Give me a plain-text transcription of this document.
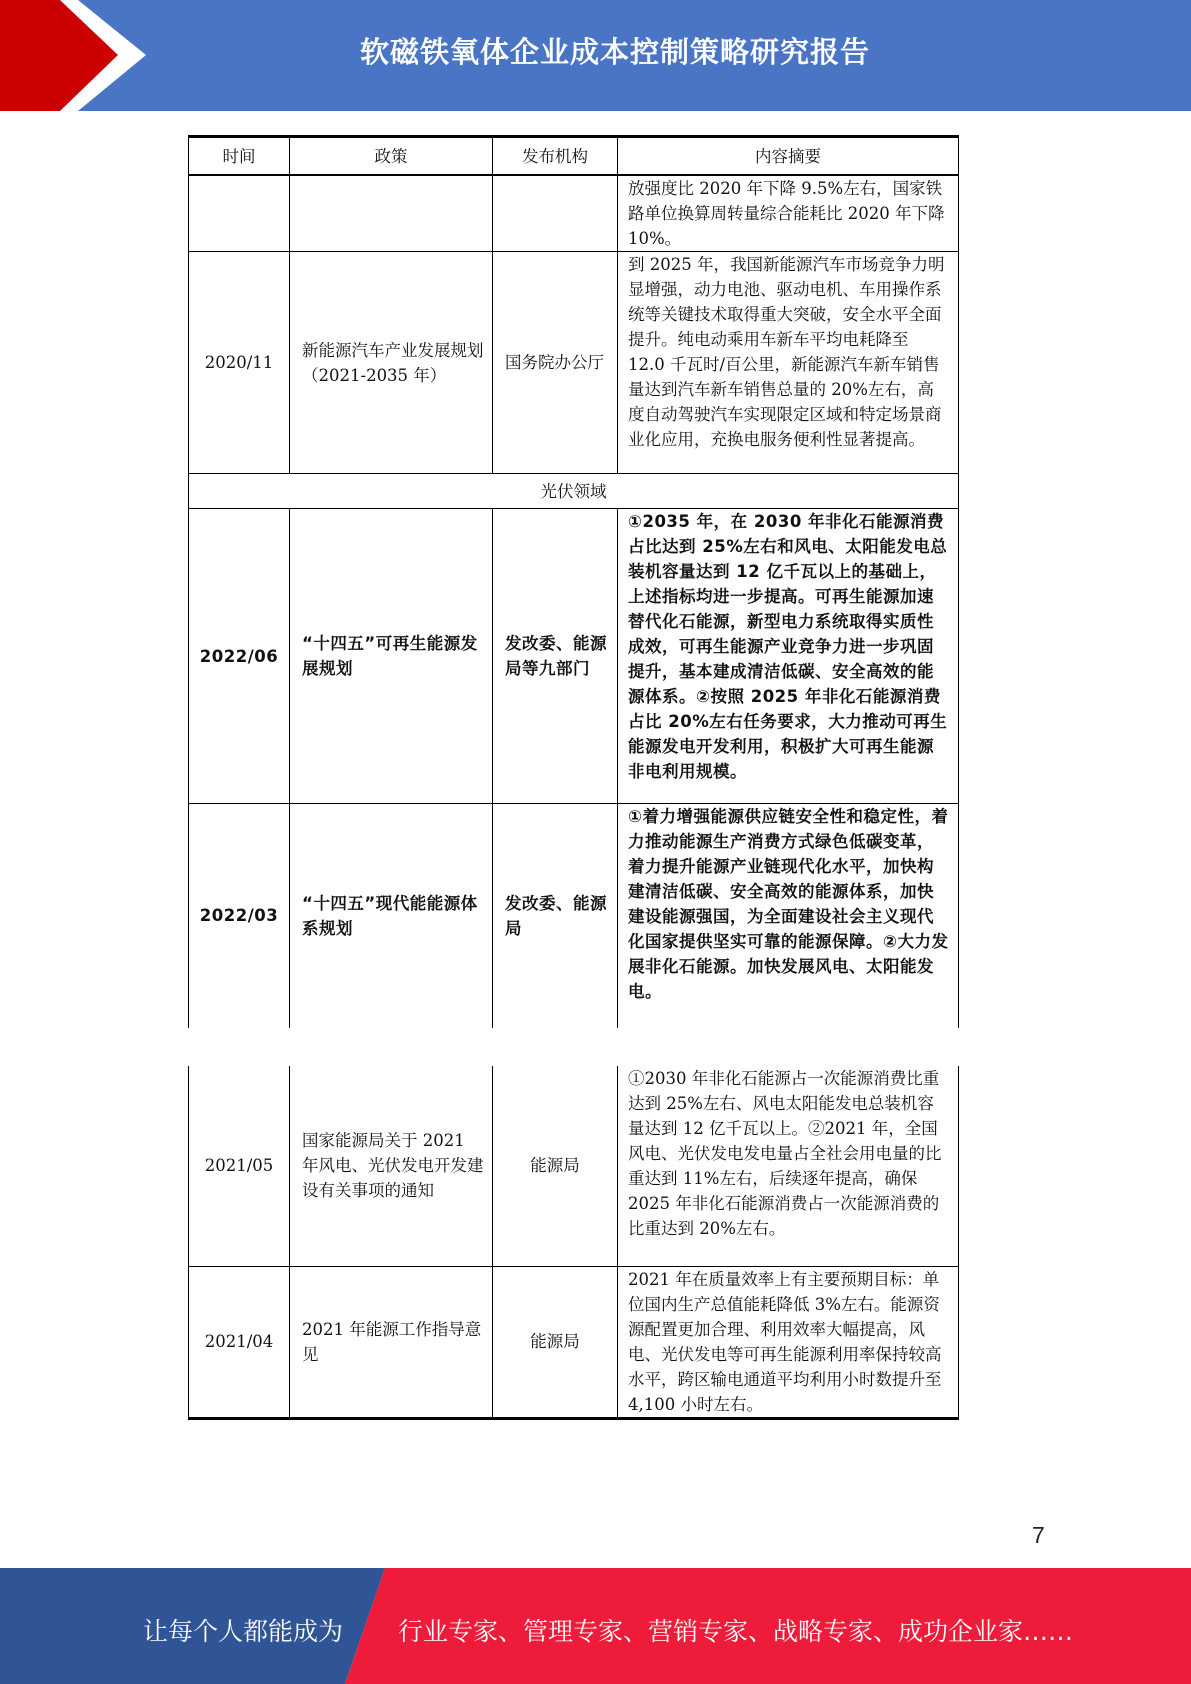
软磁铁氧体企业成本控制策略研究报告
时间	政策	发布机构	内容摘要
			放强度比 2020 年下降 9.5%左右，国家铁路单位换算周转量综合能耗比 2020 年下降 10%。
2020/11	新能源汽车产业发展规划（2021-2035 年）	国务院办公厅	到 2025 年，我国新能源汽车市场竞争力明显增强，动力电池、驱动电机、车用操作系统等关键技术取得重大突破，安全水平全面提升。纯电动乘用车新车平均电耗降至 12.0 千瓦时/百公里，新能源汽车新车销售量达到汽车新车销售总量的 20%左右，高度自动驾驶汽车实现限定区域和特定场景商业化应用，充换电服务便利性显著提高。
光伏领域			
2022/06	“十四五”可再生能源发展规划	发改委、能源局等九部门	①2035 年，在 2030 年非化石能源消费占比达到 25%左右和风电、太阳能发电总装机容量达到 12 亿千瓦以上的基础上，上述指标均进一步提高。可再生能源加速替代化石能源，新型电力系统取得实质性成效，可再生能源产业竞争力进一步巩固提升，基本建成清洁低碳、安全高效的能源体系。②按照 2025 年非化石能源消费占比 20%左右任务要求，大力推动可再生能源发电开发利用，积极扩大可再生能源非电利用规模。
2022/03	“十四五”现代能能源体系规划	发改委、能源局	①着力增强能源供应链安全性和稳定性，着力推动能源生产消费方式绿色低碳变革，着力提升能源产业链现代化水平，加快构建清洁低碳、安全高效的能源体系，加快建设能源强国，为全面建设社会主义现代化国家提供坚实可靠的能源保障。②大力发展非化石能源。加快发展风电、太阳能发电。
2021/05	国家能源局关于 2021 年风电、光伏发电开发建设有关事项的通知	能源局	①2030 年非化石能源占一次能源消费比重达到 25%左右、风电太阳能发电总装机容量达到 12 亿千瓦以上。②2021 年，全国风电、光伏发电发电量占全社会用电量的比重达到 11%左右，后续逐年提高，确保 2025 年非化石能源消费占一次能源消费的比重达到 20%左右。
2021/04	2021 年能源工作指导意见	能源局	2021 年在质量效率上有主要预期目标：单位国内生产总值能耗降低 3%左右。能源资源配置更加合理、利用效率大幅提高，风电、光伏发电等可再生能源利用率保持较高水平，跨区输电通道平均利用小时数提升至 4,100 小时左右。
7
让每个人都能成为 行业专家、管理专家、营销专家、战略专家、成功企业家……
